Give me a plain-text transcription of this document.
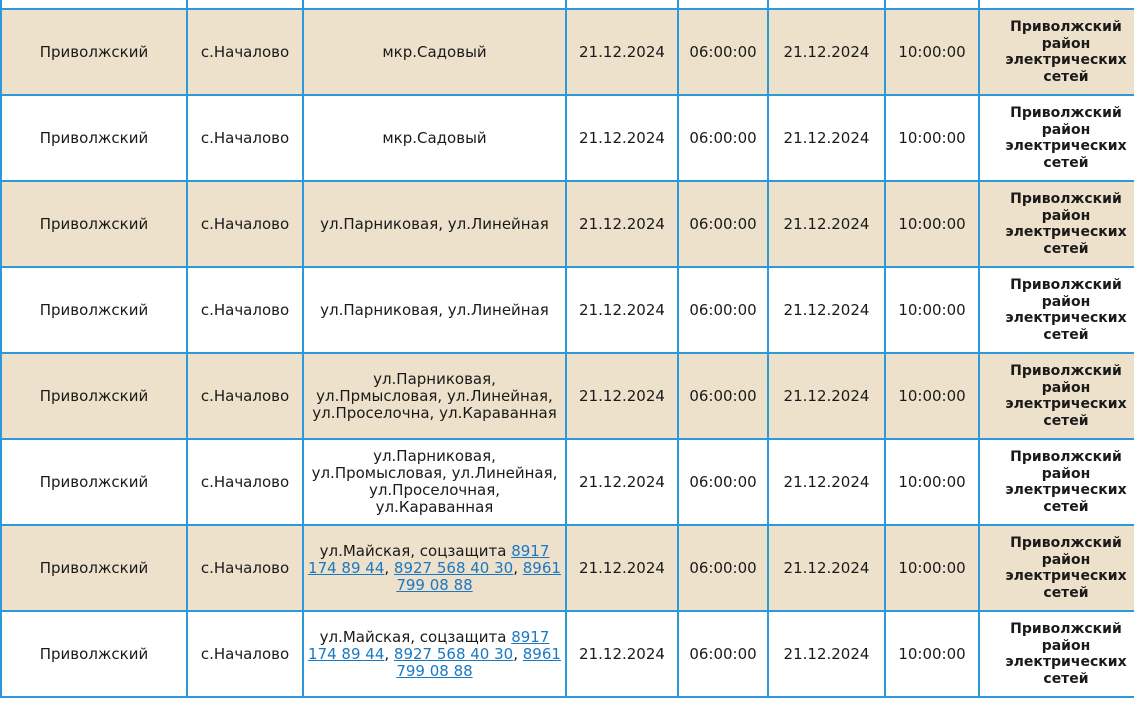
Приволжский	с.Началово	мкр.Садовый	21.12.2024	06:00:00	21.12.2024	10:00:00	Приволжский район электрических сетей
Приволжский	с.Началово	мкр.Садовый	21.12.2024	06:00:00	21.12.2024	10:00:00	Приволжский район электрических сетей
Приволжский	с.Началово	ул.Парниковая, ул.Линейная	21.12.2024	06:00:00	21.12.2024	10:00:00	Приволжский район электрических сетей
Приволжский	с.Началово	ул.Парниковая, ул.Линейная	21.12.2024	06:00:00	21.12.2024	10:00:00	Приволжский район электрических сетей
Приволжский	с.Началово	ул.Парниковая, ул.Прмысловая, ул.Линейная, ул.Проселочна, ул.Караванная	21.12.2024	06:00:00	21.12.2024	10:00:00	Приволжский район электрических сетей
Приволжский	с.Началово	ул.Парниковая, ул.Промысловая, ул.Линейная, ул.Проселочная, ул.Караванная	21.12.2024	06:00:00	21.12.2024	10:00:00	Приволжский район электрических сетей
Приволжский	с.Началово	ул.Майская, соцзащита 8917 174 89 44, 8927 568 40 30, 8961 799 08 88	21.12.2024	06:00:00	21.12.2024	10:00:00	Приволжский район электрических сетей
Приволжский	с.Началово	ул.Майская, соцзащита 8917 174 89 44, 8927 568 40 30, 8961 799 08 88	21.12.2024	06:00:00	21.12.2024	10:00:00	Приволжский район электрических сетей
